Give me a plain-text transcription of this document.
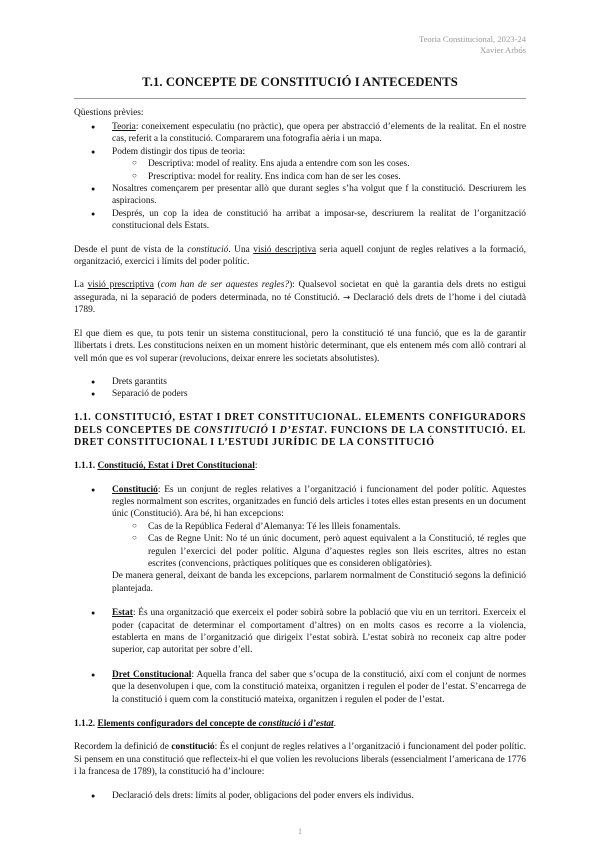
Teoria Constitucional, 2023-24
Xavier Arbós
T.1. CONCEPTE DE CONSTITUCIÓ I ANTECEDENTS

Qüestions prèvies:

● Teoria: coneixement especulatiu (no pràctic), que opera per abstracció d’elements de la realitat. En el nostre cas, referit a la constitució. Compararem una fotografia aèria i un mapa.
● Podem distingir dos tipus de teoria:
○ Descriptiva: model of reality. Ens ajuda a entendre com son les coses.
○ Prescriptiva: model for reality. Ens indica com han de ser les coses.
● Nosaltres començarem per presentar allò que durant segles s’ha volgut que f la constitució. Descriurem les aspiracions.
● Després, un cop la idea de constitució ha arribat a imposar-se, descriurem la realitat de l’organització constitucional dels Estats.

Desde el punt de vista de la constitució. Una visió descriptiva seria aquell conjunt de regles relatives a la formació, organització, exercici i límits del poder polític.

La visió prescriptiva (com han de ser aquestes regles?): Qualsevol societat en què la garantia dels drets no estigui assegurada, ni la separació de poders determinada, no té Constitució. → Declaració dels drets de l’home i del ciutadà 1789.

El que diem es que, tu pots tenir un sistema constitucional, pero la constitució té una funció, que es la de garantir llibertats i drets. Les constitucions neixen en un moment històric determinant, que els entenem més com allò contrari al vell món que es vol superar (revolucions, deixar enrere les societats absolutistes).

● Drets garantits
● Separació de poders
1.1. CONSTITUCIÓ, ESTAT I DRET CONSTITUCIONAL. ELEMENTS CONFIGURADORS DELS CONCEPTES DE CONSTITUCIÓ I D’ESTAT. FUNCIONS DE LA CONSTITUCIÓ. EL DRET CONSTITUCIONAL I L’ESTUDI JURÍDIC DE LA CONSTITUCIÓ

1.1.1. Constitució, Estat i Dret Constitucional:

● Constitució: Es un conjunt de regles relatives a l’organització i funcionament del poder polític. Aquestes regles normalment son escrites, organitzades en funció dels articles i totes elles estan presents en un document únic (Constitució). Ara bé, hi han excepcions:
○ Cas de la República Federal d’Alemanya: Té les llleis fonamentals.
○ Cas de Regne Unit: No té un únic document, però aquest equivalent a la Constitució, té regles que regulen l’exercici del poder polític. Alguna d’aquestes regles son lleis escrites, altres no estan escrites (convencions, pràctiques polítiques que es consideren obligatòries).
De manera general, deixant de banda les excepcions, parlarem normalment de Constitució segons la definició plantejada.
● Estat: És una organització que exerceix el poder sobirà sobre la població que viu en un territori. Exerceix el poder (capacitat de determinar el comportament d’altres) on en molts casos es recorre a la violencia, establerta en mans de l’organització que dirigeix l’estat sobirà. L’estat sobirà no reconeix cap altre poder superior, cap autoritat per sobre d’ell.
● Dret Constitucional: Aquella franca del saber que s’ocupa de la constitució, així com el conjunt de normes que la desenvolupen i que, com la constitució mateixa, organitzen i regulen el poder de l’estat. S’encarrega de la constitució i quem com la constitució mateixa, organitzen i regulen el poder de l’estat.

1.1.2. Elements configuradors del concepte de constitució i d’estat.

Recordem la definició de constitució: És el conjunt de regles relatives a l’organització i funcionament del poder polític. Si pensem en una constitució que reflecteix-hi el que volien les revolucions liberals (essencialment l’americana de 1776 i la francesa de 1789), la constitució ha d’incloure:

● Declaració dels drets: límits al poder, obligacions del poder envers els individus.
1
